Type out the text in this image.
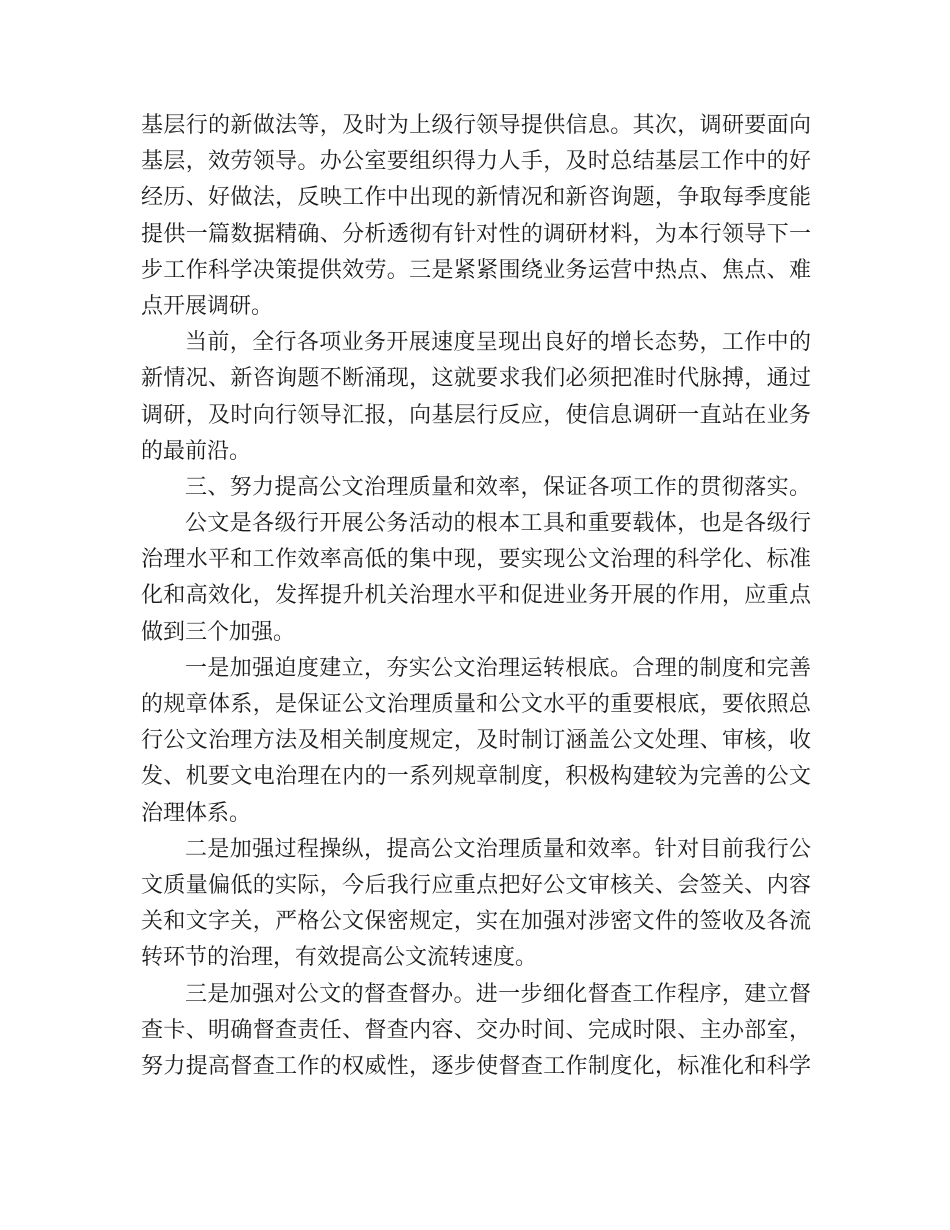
基层行的新做法等，及时为上级行领导提供信息。其次，调研要面向
基层，效劳领导。办公室要组织得力人手，及时总结基层工作中的好
经历、好做法，反映工作中出现的新情况和新咨询题，争取每季度能
提供一篇数据精确、分析透彻有针对性的调研材料，为本行领导下一
步工作科学决策提供效劳。三是紧紧围绕业务运营中热点、焦点、难
点开展调研。
当前，全行各项业务开展速度呈现出良好的增长态势，工作中的
新情况、新咨询题不断涌现，这就要求我们必须把准时代脉搏，通过
调研，及时向行领导汇报，向基层行反应，使信息调研一直站在业务
的最前沿。
三、努力提高公文治理质量和效率，保证各项工作的贯彻落实。
公文是各级行开展公务活动的根本工具和重要载体，也是各级行
治理水平和工作效率高低的集中现，要实现公文治理的科学化、标准
化和高效化，发挥提升机关治理水平和促进业务开展的作用，应重点
做到三个加强。
一是加强迫度建立，夯实公文治理运转根底。合理的制度和完善
的规章体系，是保证公文治理质量和公文水平的重要根底，要依照总
行公文治理方法及相关制度规定，及时制订涵盖公文处理、审核，收
发、机要文电治理在内的一系列规章制度，积极构建较为完善的公文
治理体系。
二是加强过程操纵，提高公文治理质量和效率。针对目前我行公
文质量偏低的实际，今后我行应重点把好公文审核关、会签关、内容
关和文字关，严格公文保密规定，实在加强对涉密文件的签收及各流
转环节的治理，有效提高公文流转速度。
三是加强对公文的督查督办。进一步细化督查工作程序，建立督
查卡、明确督查责任、督查内容、交办时间、完成时限、主办部室，
努力提高督查工作的权威性，逐步使督查工作制度化，标准化和科学
